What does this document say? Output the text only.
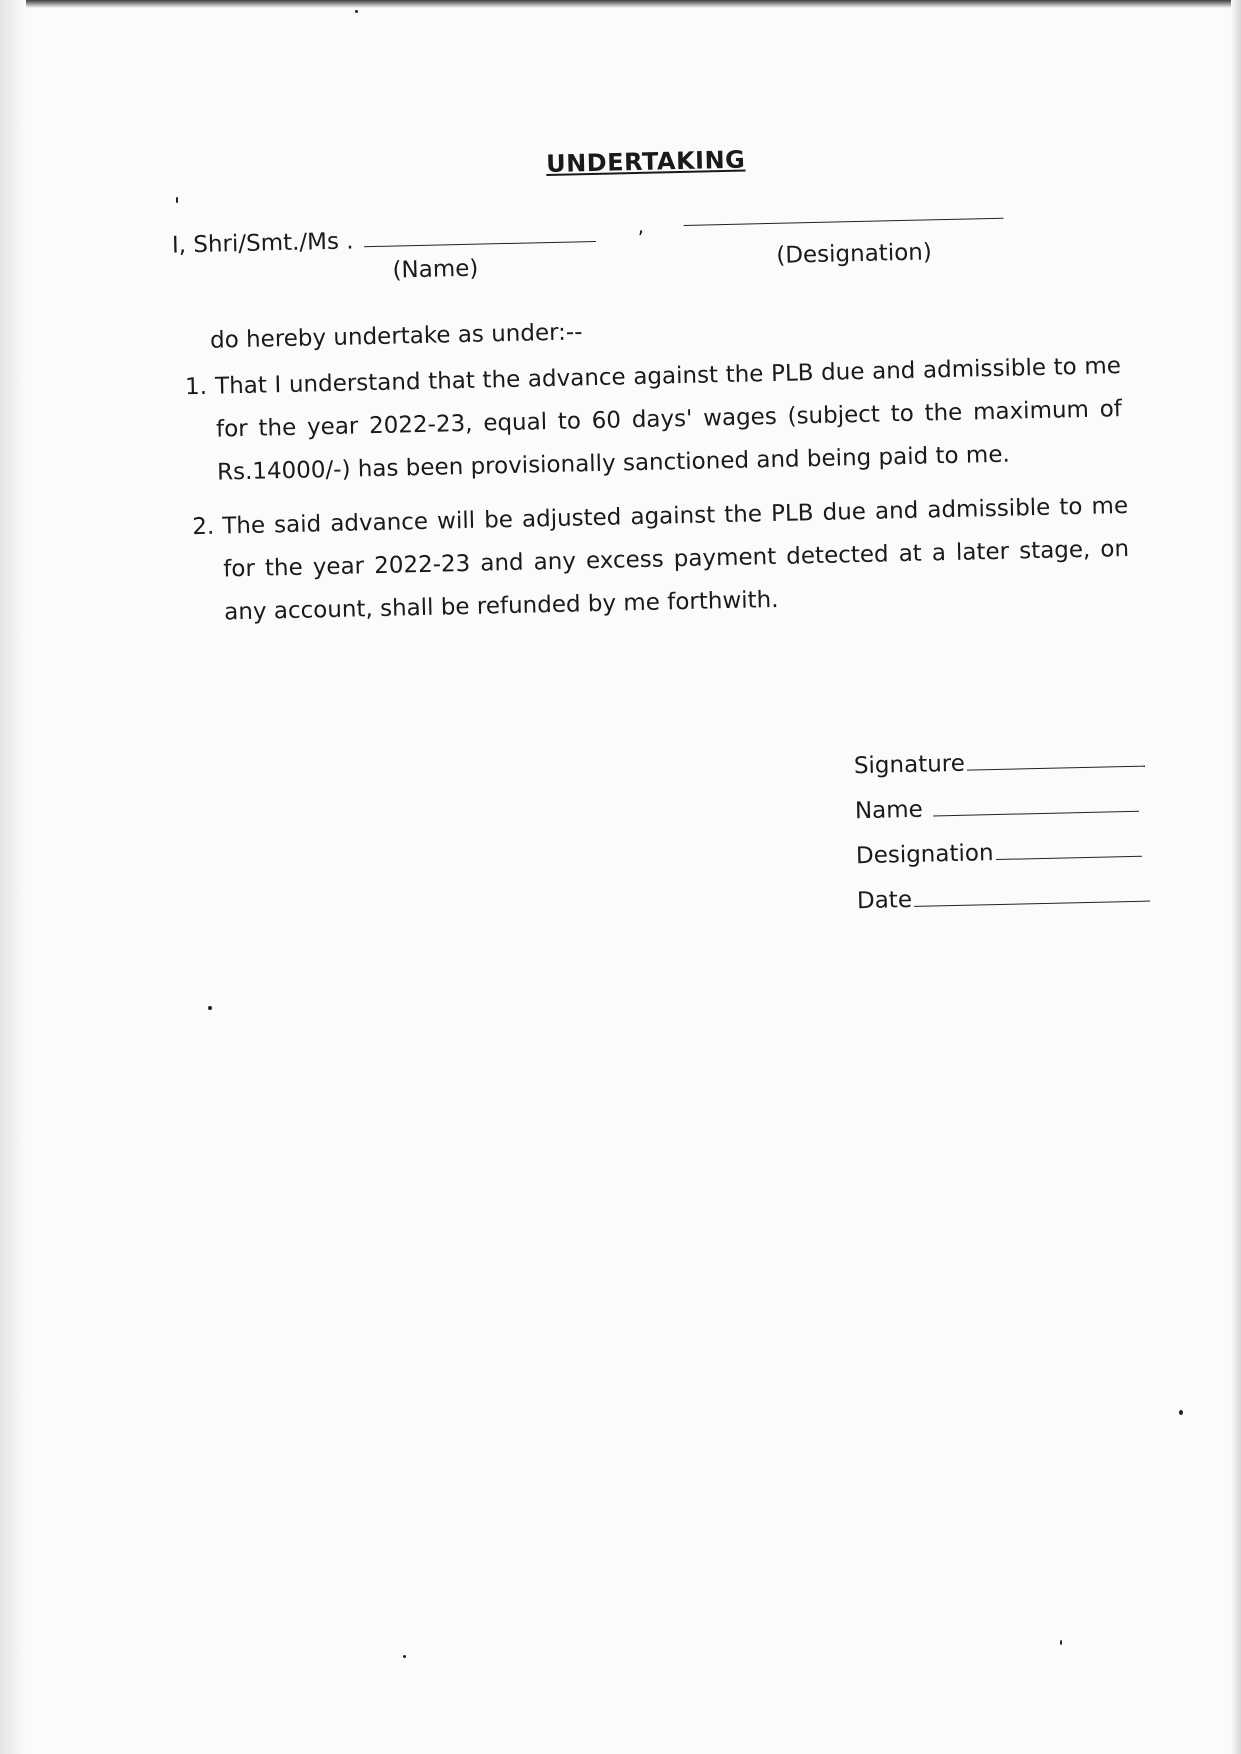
UNDERTAKING
I, Shri/Smt./Ms .
,
(Name)
(Designation)
do hereby undertake as under:--
1. That I understand that the advance against the PLB due and admissible to me for the year 2022-23, equal to 60 days' wages (subject to the maximum of Rs.14000/-) has been provisionally sanctioned and being paid to me.
2. The said advance will be adjusted against the PLB due and admissible to me for the year 2022-23 and any excess payment detected at a later stage, on any account, shall be refunded by me forthwith.
Signature
Name
Designation
Date
